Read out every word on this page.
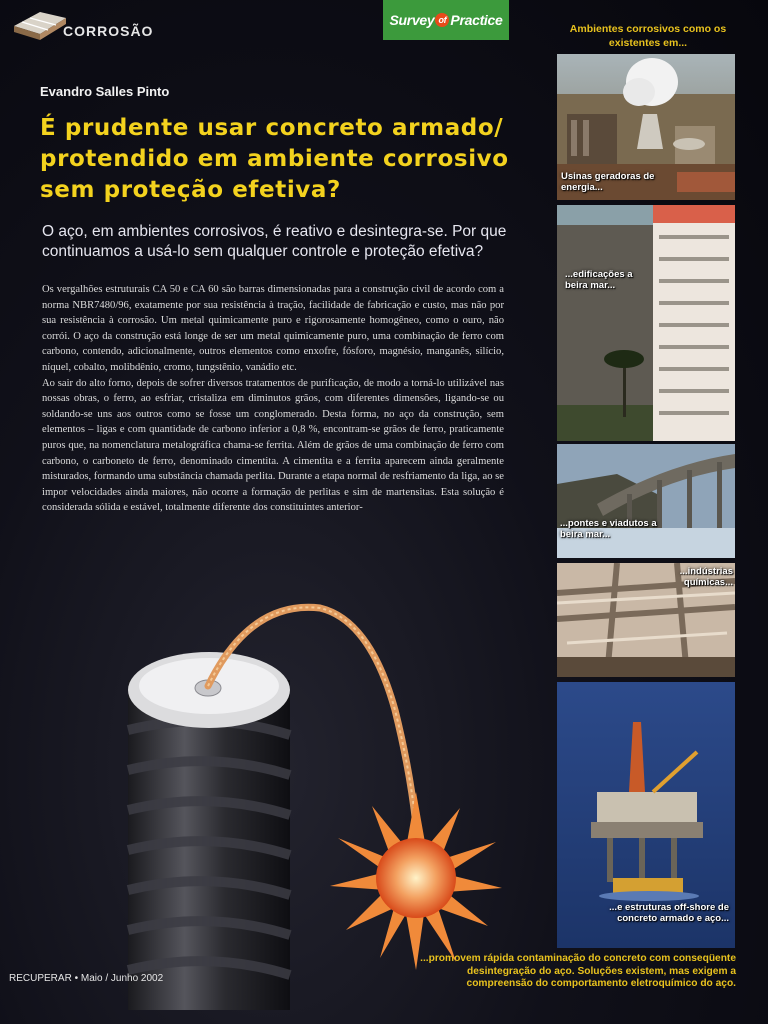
CORROSÃO
Survey of Practice
Evandro Salles Pinto
É prudente usar concreto armado/ protendido em ambiente corrosivo sem proteção efetiva?

O aço, em ambientes corrosivos, é reativo e desintegra-se. Por que continuamos a usá-lo sem qualquer controle e proteção efetiva?

Os vergalhões estruturais CA 50 e CA 60 são barras dimensionadas para a construção civil de acordo com a norma NBR7480/96, exatamente por sua resistência à tração, facilidade de fabricação e custo, mas não por sua resistência à corrosão. Um metal quimicamente puro e rigorosamente homogêneo, como o ouro, não corrói. O aço da construção está longe de ser um metal quimicamente puro, uma combinação de ferro com carbono, contendo, adicionalmente, outros elementos como enxofre, fósforo, magnésio, manganês, silício, níquel, cobalto, molibdênio, cromo, tungstênio, vanádio etc.

Ao sair do alto forno, depois de sofrer diversos tratamentos de purificação, de modo a torná-lo utilizável nas nossas obras, o ferro, ao esfriar, cristaliza em diminutos grãos, com diferentes dimensões, ligando-se ou soldando-se uns aos outros como se fosse um conglomerado. Desta forma, no aço da construção, sem elementos – ligas e com quantidade de carbono inferior a 0,8 %, encontram-se grãos de ferro, praticamente puros que, na nomenclatura metalográfica chama-se ferrita. Além de grãos de uma combinação de ferro com carbono, o carboneto de ferro, denominado cimentita. A cimentita e a ferrita aparecem ainda geralmente misturados, formando uma substância chamada perlita. Durante a etapa normal de resfriamento da liga, ao se impor velocidades ainda maiores, não ocorre a formação de perlitas e sim de martensitas. Esta solução é considerada sólida e estável, totalmente diferente dos constituintes anterior-

Ambientes corrosivos como os existentes em...
Usinas geradoras de energia...
...edificações a beira mar...
...pontes e viadutos a beira mar...
...indústrias químicas...
...e estruturas off-shore de concreto armado e aço...
...promovem rápida contaminação do concreto com conseqüente desintegração do aço. Soluções existem, mas exigem a compreensão do comportamento eletroquímico do aço.
RECUPERAR • Maio / Junho 2002
